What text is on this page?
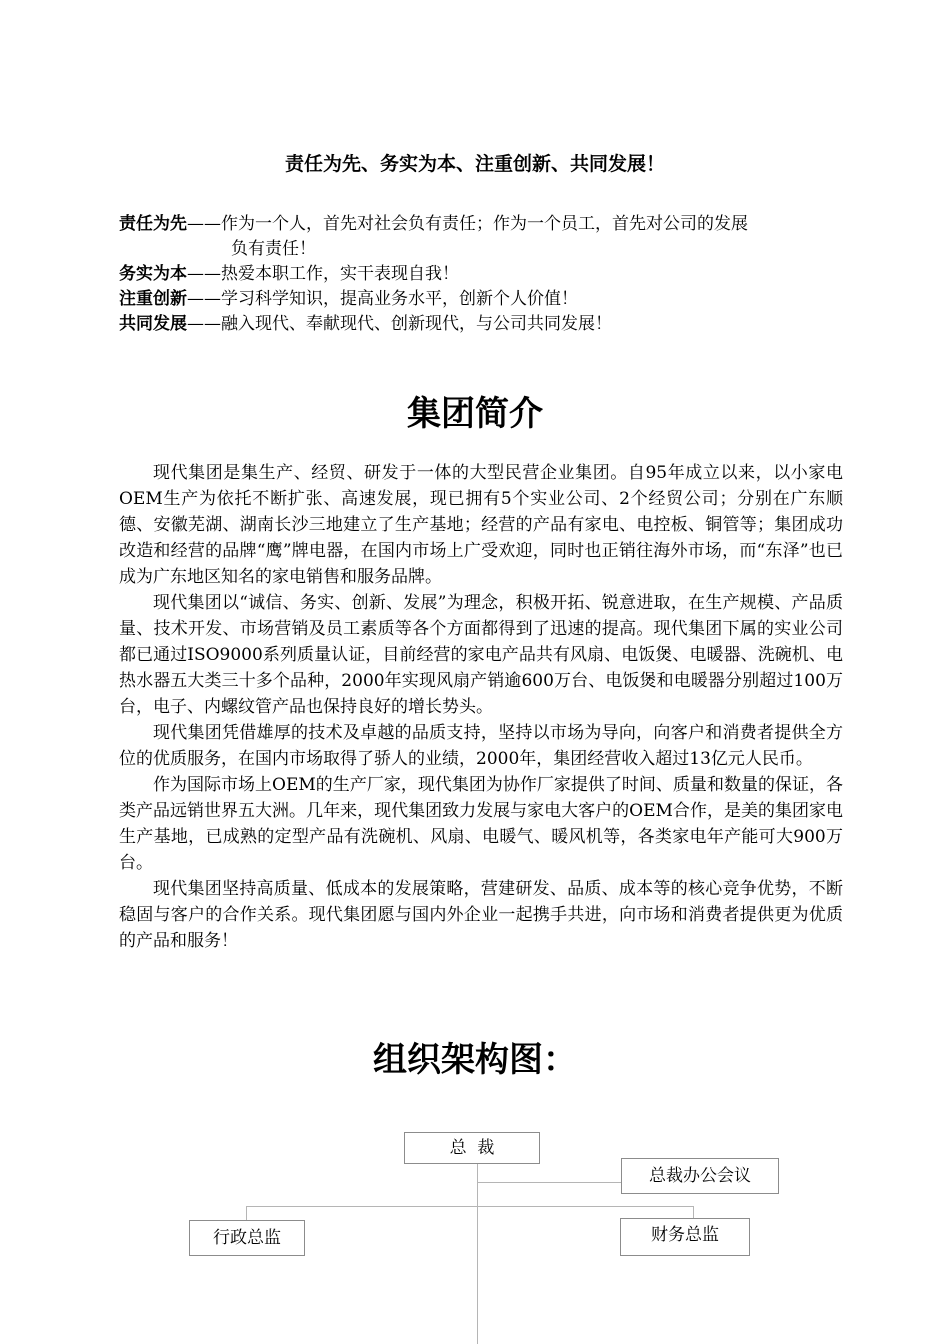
责任为先、务实为本、注重创新、共同发展！
责任为先 ——作为一个人，首先对社会负有责任；作为一个员工，首先对公司的发展
负有责任！
务实为本 ——热爱本职工作，实干表现自我！
注重创新 ——学习科学知识，提高业务水平，创新个人价值！
共同发展 ——融入现代、奉献现代、创新现代，与公司共同发展！
集团简介

现代集团是集生产、经贸、研发于一体的大型民营企业集团。自95年成立以来，以小家电OEM生产为依托不断扩张、高速发展，现已拥有5个实业公司、2个经贸公司；分别在广东顺德、安徽芜湖、湖南长沙三地建立了生产基地；经营的产品有家电、电控板、铜管等；集团成功改造和经营的品牌“鹰”牌电器，在国内市场上广受欢迎，同时也正销往海外市场，而“东泽”也已成为广东地区知名的家电销售和服务品牌。

现代集团以“诚信、务实、创新、发展”为理念，积极开拓、锐意进取，在生产规模、产品质量、技术开发、市场营销及员工素质等各个方面都得到了迅速的提高。现代集团下属的实业公司都已通过ISO9000系列质量认证，目前经营的家电产品共有风扇、电饭煲、电暖器、洗碗机、电热水器五大类三十多个品种，2000年实现风扇产销逾600万台、电饭煲和电暖器分别超过100万台，电子、内螺纹管产品也保持良好的增长势头。

现代集团凭借雄厚的技术及卓越的品质支持，坚持以市场为导向，向客户和消费者提供全方位的优质服务，在国内市场取得了骄人的业绩，2000年，集团经营收入超过13亿元人民币。

作为国际市场上OEM的生产厂家，现代集团为协作厂家提供了时间、质量和数量的保证，各类产品远销世界五大洲。几年来，现代集团致力发展与家电大客户的OEM合作，是美的集团家电生产基地，已成熟的定型产品有洗碗机、风扇、电暖气、暖风机等，各类家电年产能可大900万台。

现代集团坚持高质量、低成本的发展策略，营建研发、品质、成本等的核心竞争优势，不断稳固与客户的合作关系。现代集团愿与国内外企业一起携手共进，向市场和消费者提供更为优质的产品和服务！

组织架构图：
总  裁
总裁办公会议
行政总监	财务总监
